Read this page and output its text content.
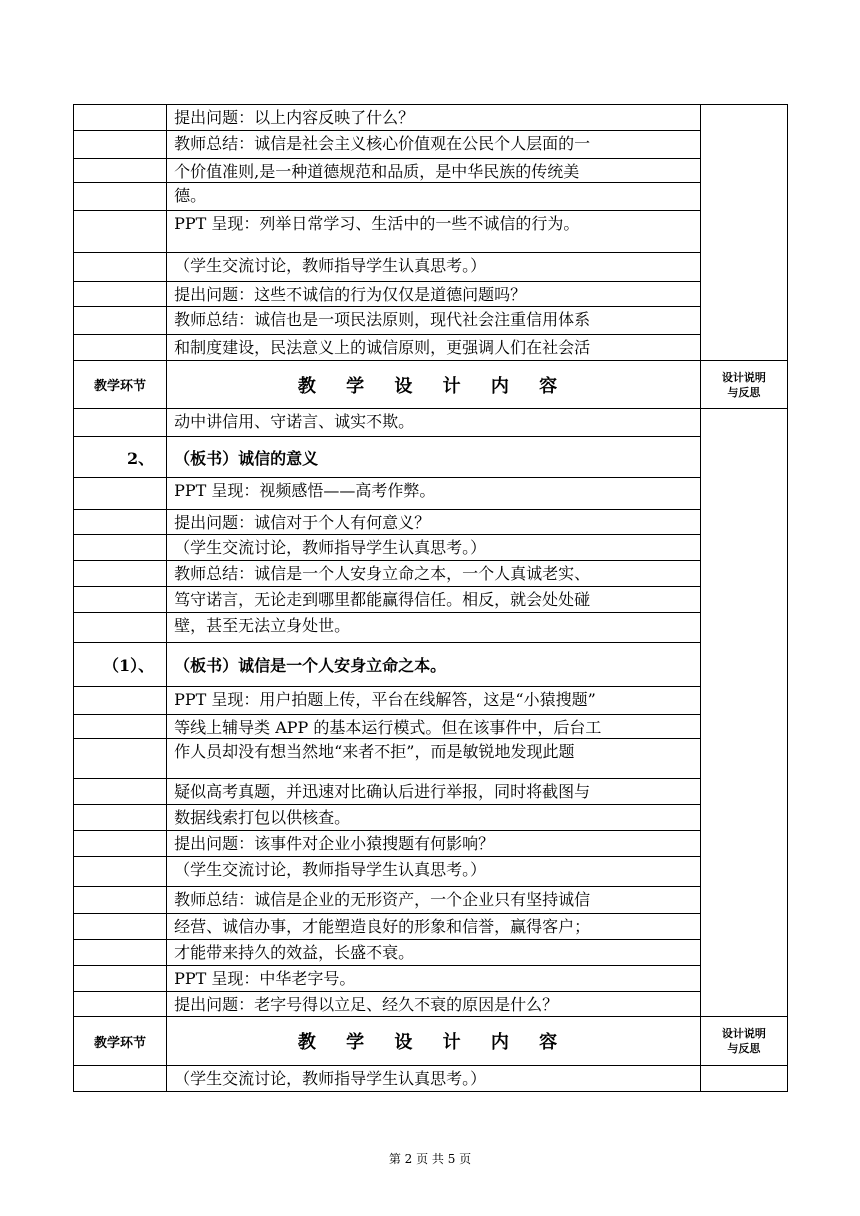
	提出问题：以上内容反映了什么？	
	教师总结：诚信是社会主义核心价值观在公民个人层面的一	
	个价值准则,是一种道德规范和品质，是中华民族的传统美	
	德。	
	PPT 呈现：列举日常学习、生活中的一些不诚信的行为。	
	（学生交流讨论，教师指导学生认真思考。）	
	提出问题：这些不诚信的行为仅仅是道德问题吗？	
	教师总结：诚信也是一项民法原则，现代社会注重信用体系	
	和制度建设，民法意义上的诚信原则，更强调人们在社会活	
教学环节	教 学 设 计 内 容	设计说明
与反思
	动中讲信用、守诺言、诚实不欺。	
2、	（板书）诚信的意义	
	PPT 呈现：视频感悟——高考作弊。	
	提出问题：诚信对于个人有何意义？	
	（学生交流讨论，教师指导学生认真思考。）	
	教师总结：诚信是一个人安身立命之本，一个人真诚老实、	
	笃守诺言，无论走到哪里都能赢得信任。相反，就会处处碰	
	壁，甚至无法立身处世。	
（1）、	（板书）诚信是一个人安身立命之本。	
	PPT 呈现：用户拍题上传，平台在线解答，这是“小猿搜题”	
	等线上辅导类 APP 的基本运行模式。但在该事件中，后台工	
	作人员却没有想当然地“来者不拒”，而是敏锐地发现此题	
	疑似高考真题，并迅速对比确认后进行举报，同时将截图与	
	数据线索打包以供核查。	
	提出问题：该事件对企业小猿搜题有何影响？	
	（学生交流讨论，教师指导学生认真思考。）	
	教师总结：诚信是企业的无形资产，一个企业只有坚持诚信	
	经营、诚信办事，才能塑造良好的形象和信誉，赢得客户；	
	才能带来持久的效益，长盛不衰。	
	PPT 呈现：中华老字号。	
	提出问题：老字号得以立足、经久不衰的原因是什么？	
教学环节	教 学 设 计 内 容	设计说明
与反思
	（学生交流讨论，教师指导学生认真思考。）	
第 2 页 共 5 页
